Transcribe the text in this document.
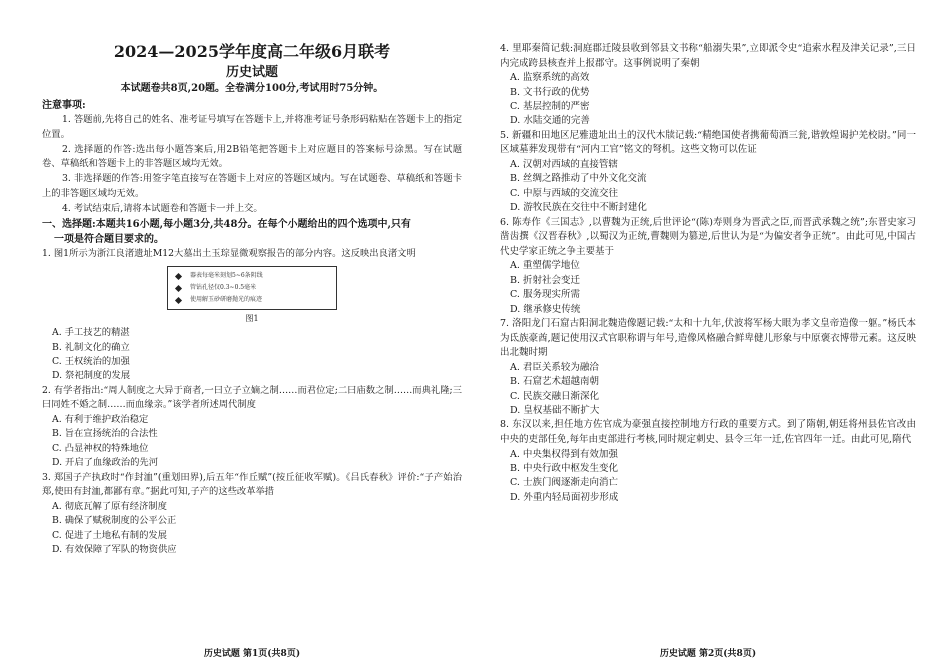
2024—2025学年度高二年级6月联考
历史试题
本试题卷共8页,20题。全卷满分100分,考试用时75分钟。
注意事项:

1. 答题前,先将自己的姓名、准考证号填写在答题卡上,并将准考证号条形码粘贴在答题卡上的指定位置。

2. 选择题的作答:选出每小题答案后,用2B铅笔把答题卡上对应题目的答案标号涂黑。写在试题卷、草稿纸和答题卡上的非答题区域均无效。

3. 非选择题的作答:用签字笔直接写在答题卡上对应的答题区域内。写在试题卷、草稿纸和答题卡上的非答题区域均无效。

4. 考试结束后,请将本试题卷和答题卡一并上交。

一、选择题:本题共16小题,每小题3分,共48分。在每个小题给出的四个选项中,只有
一项是符合题目要求的。

1. 图1所示为浙江良渚遗址M12大墓出土玉琮显微观察报告的部分内容。这反映出良渚文明

器表每毫米刻划5~6条阴线
管钻孔径仅0.3~0.5毫米
使用解玉砂研磨抛光的痕迹
图1

A. 手工技艺的精湛

B. 礼制文化的确立

C. 王权统治的加强

D. 祭祀制度的发展

2. 有学者指出:“周人制度之大异于商者,一曰立子立嫡之制……而君位定;二曰庙数之制……而典礼隆;三曰同姓不婚之制……而血缘亲。”该学者所述周代制度

A. 有利于维护政治稳定

B. 旨在宣扬统治的合法性

C. 凸显神权的特殊地位

D. 开启了血缘政治的先河

3. 郑国子产执政时“作封洫”(重划田界),后五年“作丘赋”(按丘征收军赋)。《吕氏春秋》评价:“子产始治郑,使田有封洫,都鄙有章。”据此可知,子产的这些改革举措

A. 彻底瓦解了原有经济制度

B. 确保了赋税制度的公平公正

C. 促进了土地私有制的发展

D. 有效保障了军队的物资供应

历史试题 第1页(共8页)

4. 里耶秦简记载:洞庭郡迁陵县收到邻县文书称“船溺失果”,立即派令史“追索水程及津关记录”,三日内完成跨县核查并上报郡守。这事例说明了秦朝

A. 监察系统的高效

B. 文书行政的优势

C. 基层控制的严密

D. 水陆交通的完善

5. 新疆和田地区尼雅遗址出土的汉代木牍记载:“精绝国使者携葡萄酒三瓮,谐敦煌谒护羌校尉。”同一区域墓葬发现带有“河内工官”铭文的弩机。这些文物可以佐证

A. 汉朝对西域的直接管辖

B. 丝绸之路推动了中外文化交流

C. 中原与西域的交流交往

D. 游牧民族在交往中不断封建化

6. 陈寿作《三国志》,以曹魏为正统,后世评论“(陈)寿则身为晋武之臣,而晋武承魏之统”;东晋史家习凿齿撰《汉晋春秋》,以蜀汉为正统,曹魏则为篡逆,后世认为是“为偏安者争正统”。由此可见,中国古代史学家正统之争主要基于

A. 重塑儒学地位

B. 折射社会变迁

C. 服务现实所需

D. 继承修史传统

7. 洛阳龙门石窟古阳洞北魏造像题记载:“太和十九年,伏波将军杨大眼为孝文皇帝造像一躯。”杨氏本为氐族豪酋,题记使用汉式官职称谓与年号,造像风格融合鲜卑健儿形象与中原褒衣博带元素。这反映出北魏时期

A. 君臣关系较为融洽

B. 石窟艺术超越南朝

C. 民族交融日渐深化

D. 皇权基础不断扩大

8. 东汉以来,担任地方佐官成为豪强直接控制地方行政的重要方式。到了隋朝,朝廷将州县佐官改由中央的吏部任免,每年由吏部进行考核,同时规定刺史、县令三年一迁,佐官四年一迁。由此可见,隋代

A. 中央集权得到有效加强

B. 中央行政中枢发生变化

C. 士族门阀逐渐走向消亡

D. 外重内轻局面初步形成

历史试题 第2页(共8页)
